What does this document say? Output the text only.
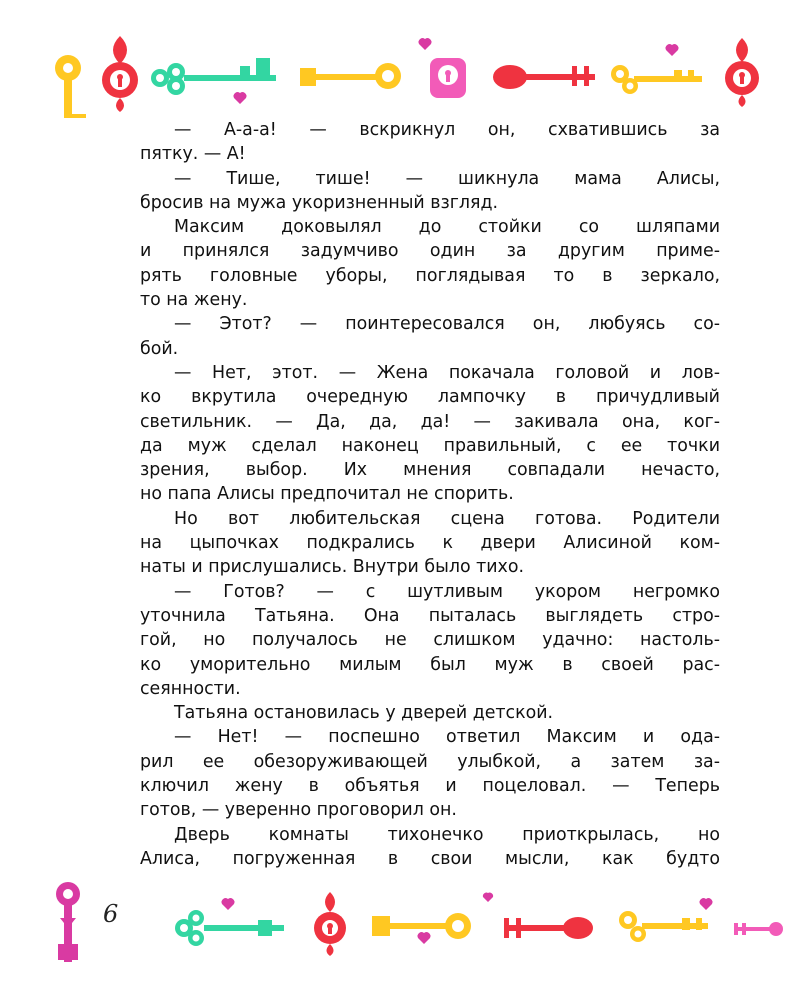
— А-а-а! — вскрикнул он, схватившись за
пятку. — А!
— Тише, тише! — шикнула мама Алисы,
бросив на мужа укоризненный взгляд.
Максим доковылял до стойки со шляпами
и принялся задумчиво один за другим приме-
рять головные уборы, поглядывая то в зеркало,
то на жену.
— Этот? — поинтересовался он, любуясь со-
бой.
— Нет, этот. — Жена покачала головой и лов-
ко вкрутила очередную лампочку в причудливый
светильник. — Да, да, да! — закивала она, ког-
да муж сделал наконец правильный, с ее точки
зрения, выбор. Их мнения совпадали нечасто,
но папа Алисы предпочитал не спорить.
Но вот любительская сцена готова. Родители
на цыпочках подкрались к двери Алисиной ком-
наты и прислушались. Внутри было тихо.
— Готов? — с шутливым укором негромко
уточнила Татьяна. Она пыталась выглядеть стро-
гой, но получалось не слишком удачно: настоль-
ко уморительно милым был муж в своей рас-
сеянности.
Татьяна остановилась у дверей детской.
— Нет! — поспешно ответил Максим и ода-
рил ее обезоруживающей улыбкой, а затем за-
ключил жену в объятья и поцеловал. — Теперь
готов, — уверенно проговорил он.
Дверь комнаты тихонечко приоткрылась, но
Алиса, погруженная в свои мысли, как будто
6
